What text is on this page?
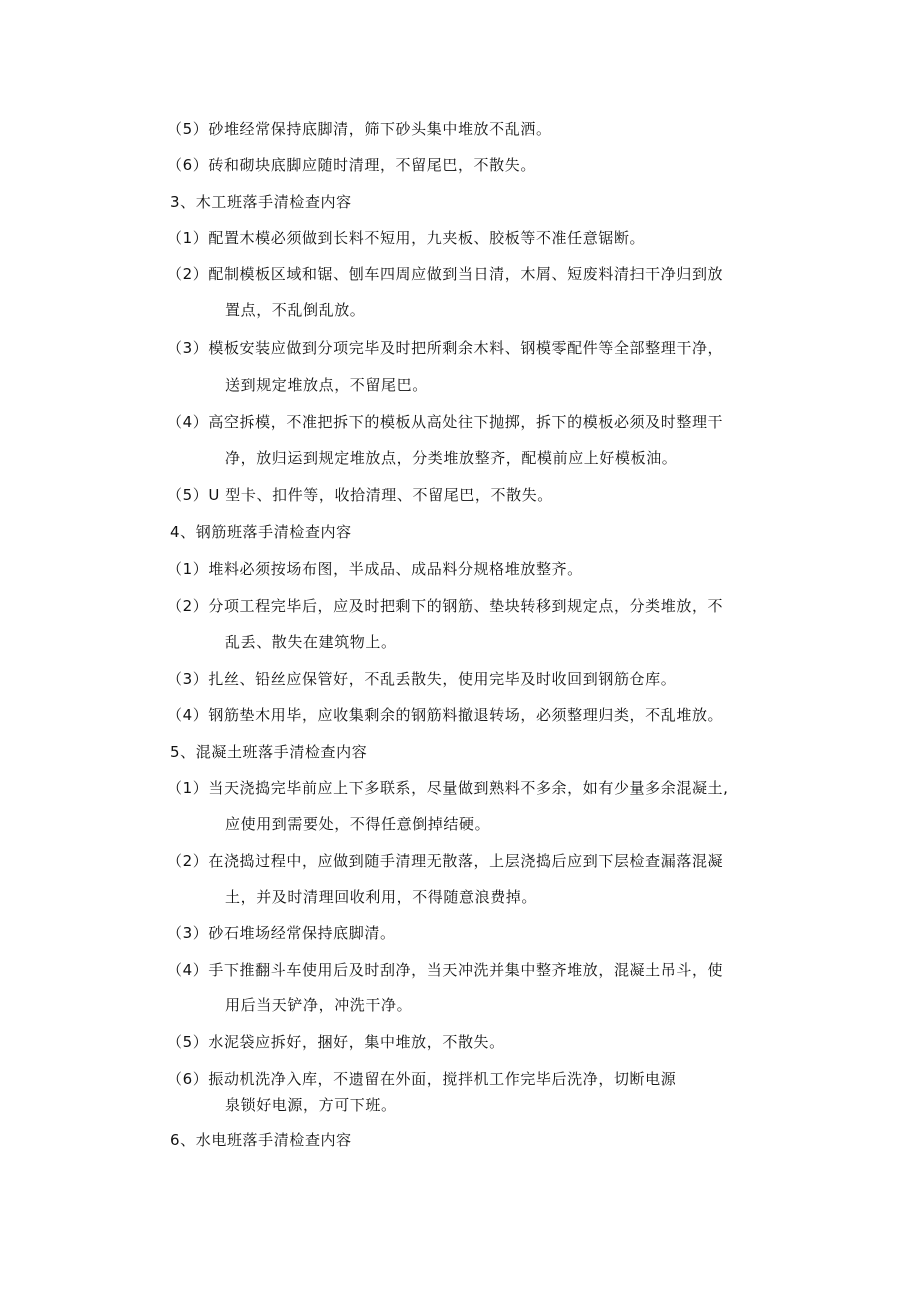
（5）砂堆经常保持底脚清，筛下砂头集中堆放不乱洒。
（6）砖和砌块底脚应随时清理，不留尾巴，不散失。
3、木工班落手清检查内容
（1）配置木模必须做到长料不短用，九夹板、胶板等不准任意锯断。
（2）配制模板区域和锯、刨车四周应做到当日清，木屑、短废料清扫干净归到放
置点，不乱倒乱放。
（3）模板安装应做到分项完毕及时把所剩余木料、钢模零配件等全部整理干净，
送到规定堆放点，不留尾巴。
（4）高空拆模，不准把拆下的模板从高处往下抛掷，拆下的模板必须及时整理干
净，放归运到规定堆放点，分类堆放整齐，配模前应上好模板油。
（5）U 型卡、扣件等，收拾清理、不留尾巴，不散失。
4、钢筋班落手清检查内容
（1）堆料必须按场布图，半成品、成品料分规格堆放整齐。
（2）分项工程完毕后，应及时把剩下的钢筋、垫块转移到规定点，分类堆放，不
乱丢、散失在建筑物上。
（3）扎丝、铅丝应保管好，不乱丢散失，使用完毕及时收回到钢筋仓库。
（4）钢筋垫木用毕，应收集剩余的钢筋料撤退转场，必须整理归类，不乱堆放。
5、混凝土班落手清检查内容
（1）当天浇捣完毕前应上下多联系，尽量做到熟料不多余，如有少量多余混凝土,
应使用到需要处，不得任意倒掉结硬。
（2）在浇捣过程中，应做到随手清理无散落，上层浇捣后应到下层检查漏落混凝
土，并及时清理回收利用，不得随意浪费掉。
（3）砂石堆场经常保持底脚清。
（4）手下推翻斗车使用后及时刮净，当天冲洗并集中整齐堆放，混凝土吊斗，使
用后当天铲净，冲洗干净。
（5）水泥袋应拆好，捆好，集中堆放，不散失。
（6）振动机洗净入库，不遗留在外面，搅拌机工作完毕后洗净，切断电源
泉锁好电源，方可下班。
6、水电班落手清检查内容
